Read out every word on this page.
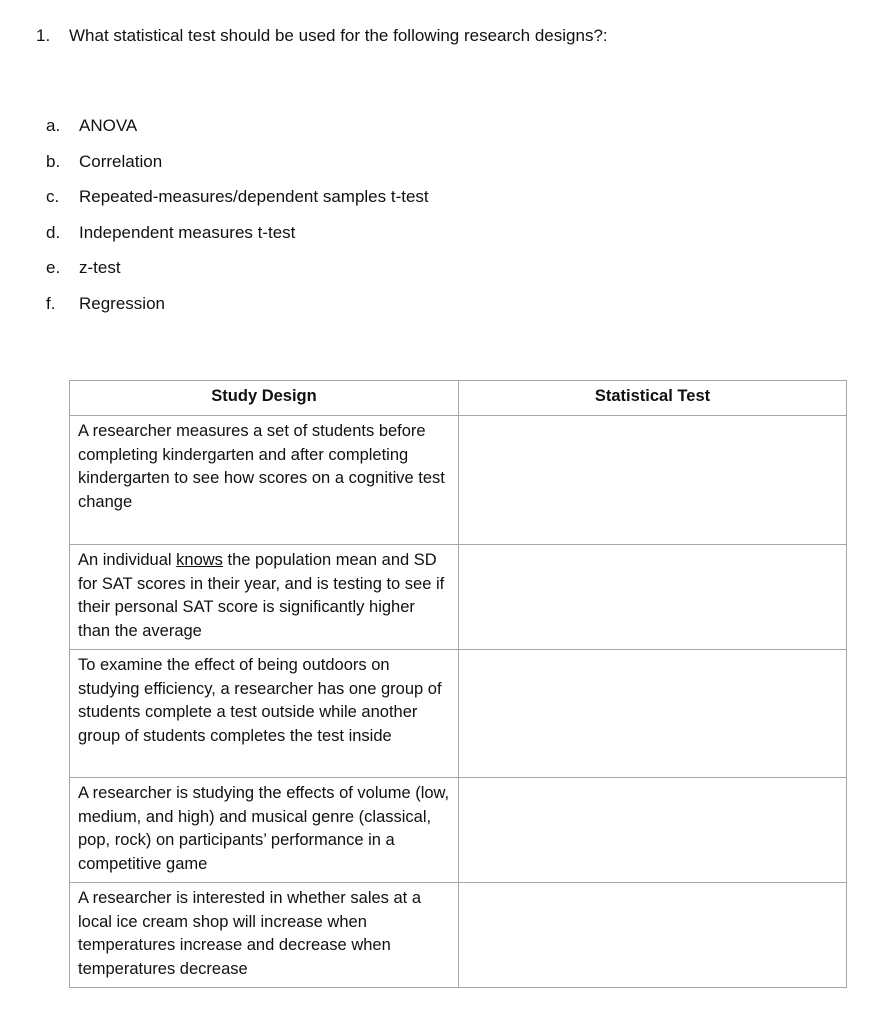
1.	What statistical test should be used for the following research designs?:
a.	ANOVA
b.	Correlation
c.	Repeated-measures/dependent samples t-test
d.	Independent measures t-test
e.	z-test
f.	Regression
Study Design	Statistical Test
A researcher measures a set of students before completing kindergarten and after completing kindergarten to see how scores on a cognitive test change	
An individual knows the population mean and SD for SAT scores in their year, and is testing to see if their personal SAT score is significantly higher than the average	
To examine the effect of being outdoors on studying efficiency, a researcher has one group of students complete a test outside while another group of students completes the test inside	
A researcher is studying the effects of volume (low, medium, and high) and musical genre (classical, pop, rock) on participants’ performance in a competitive game	
A researcher is interested in whether sales at a local ice cream shop will increase when temperatures increase and decrease when temperatures decrease	
